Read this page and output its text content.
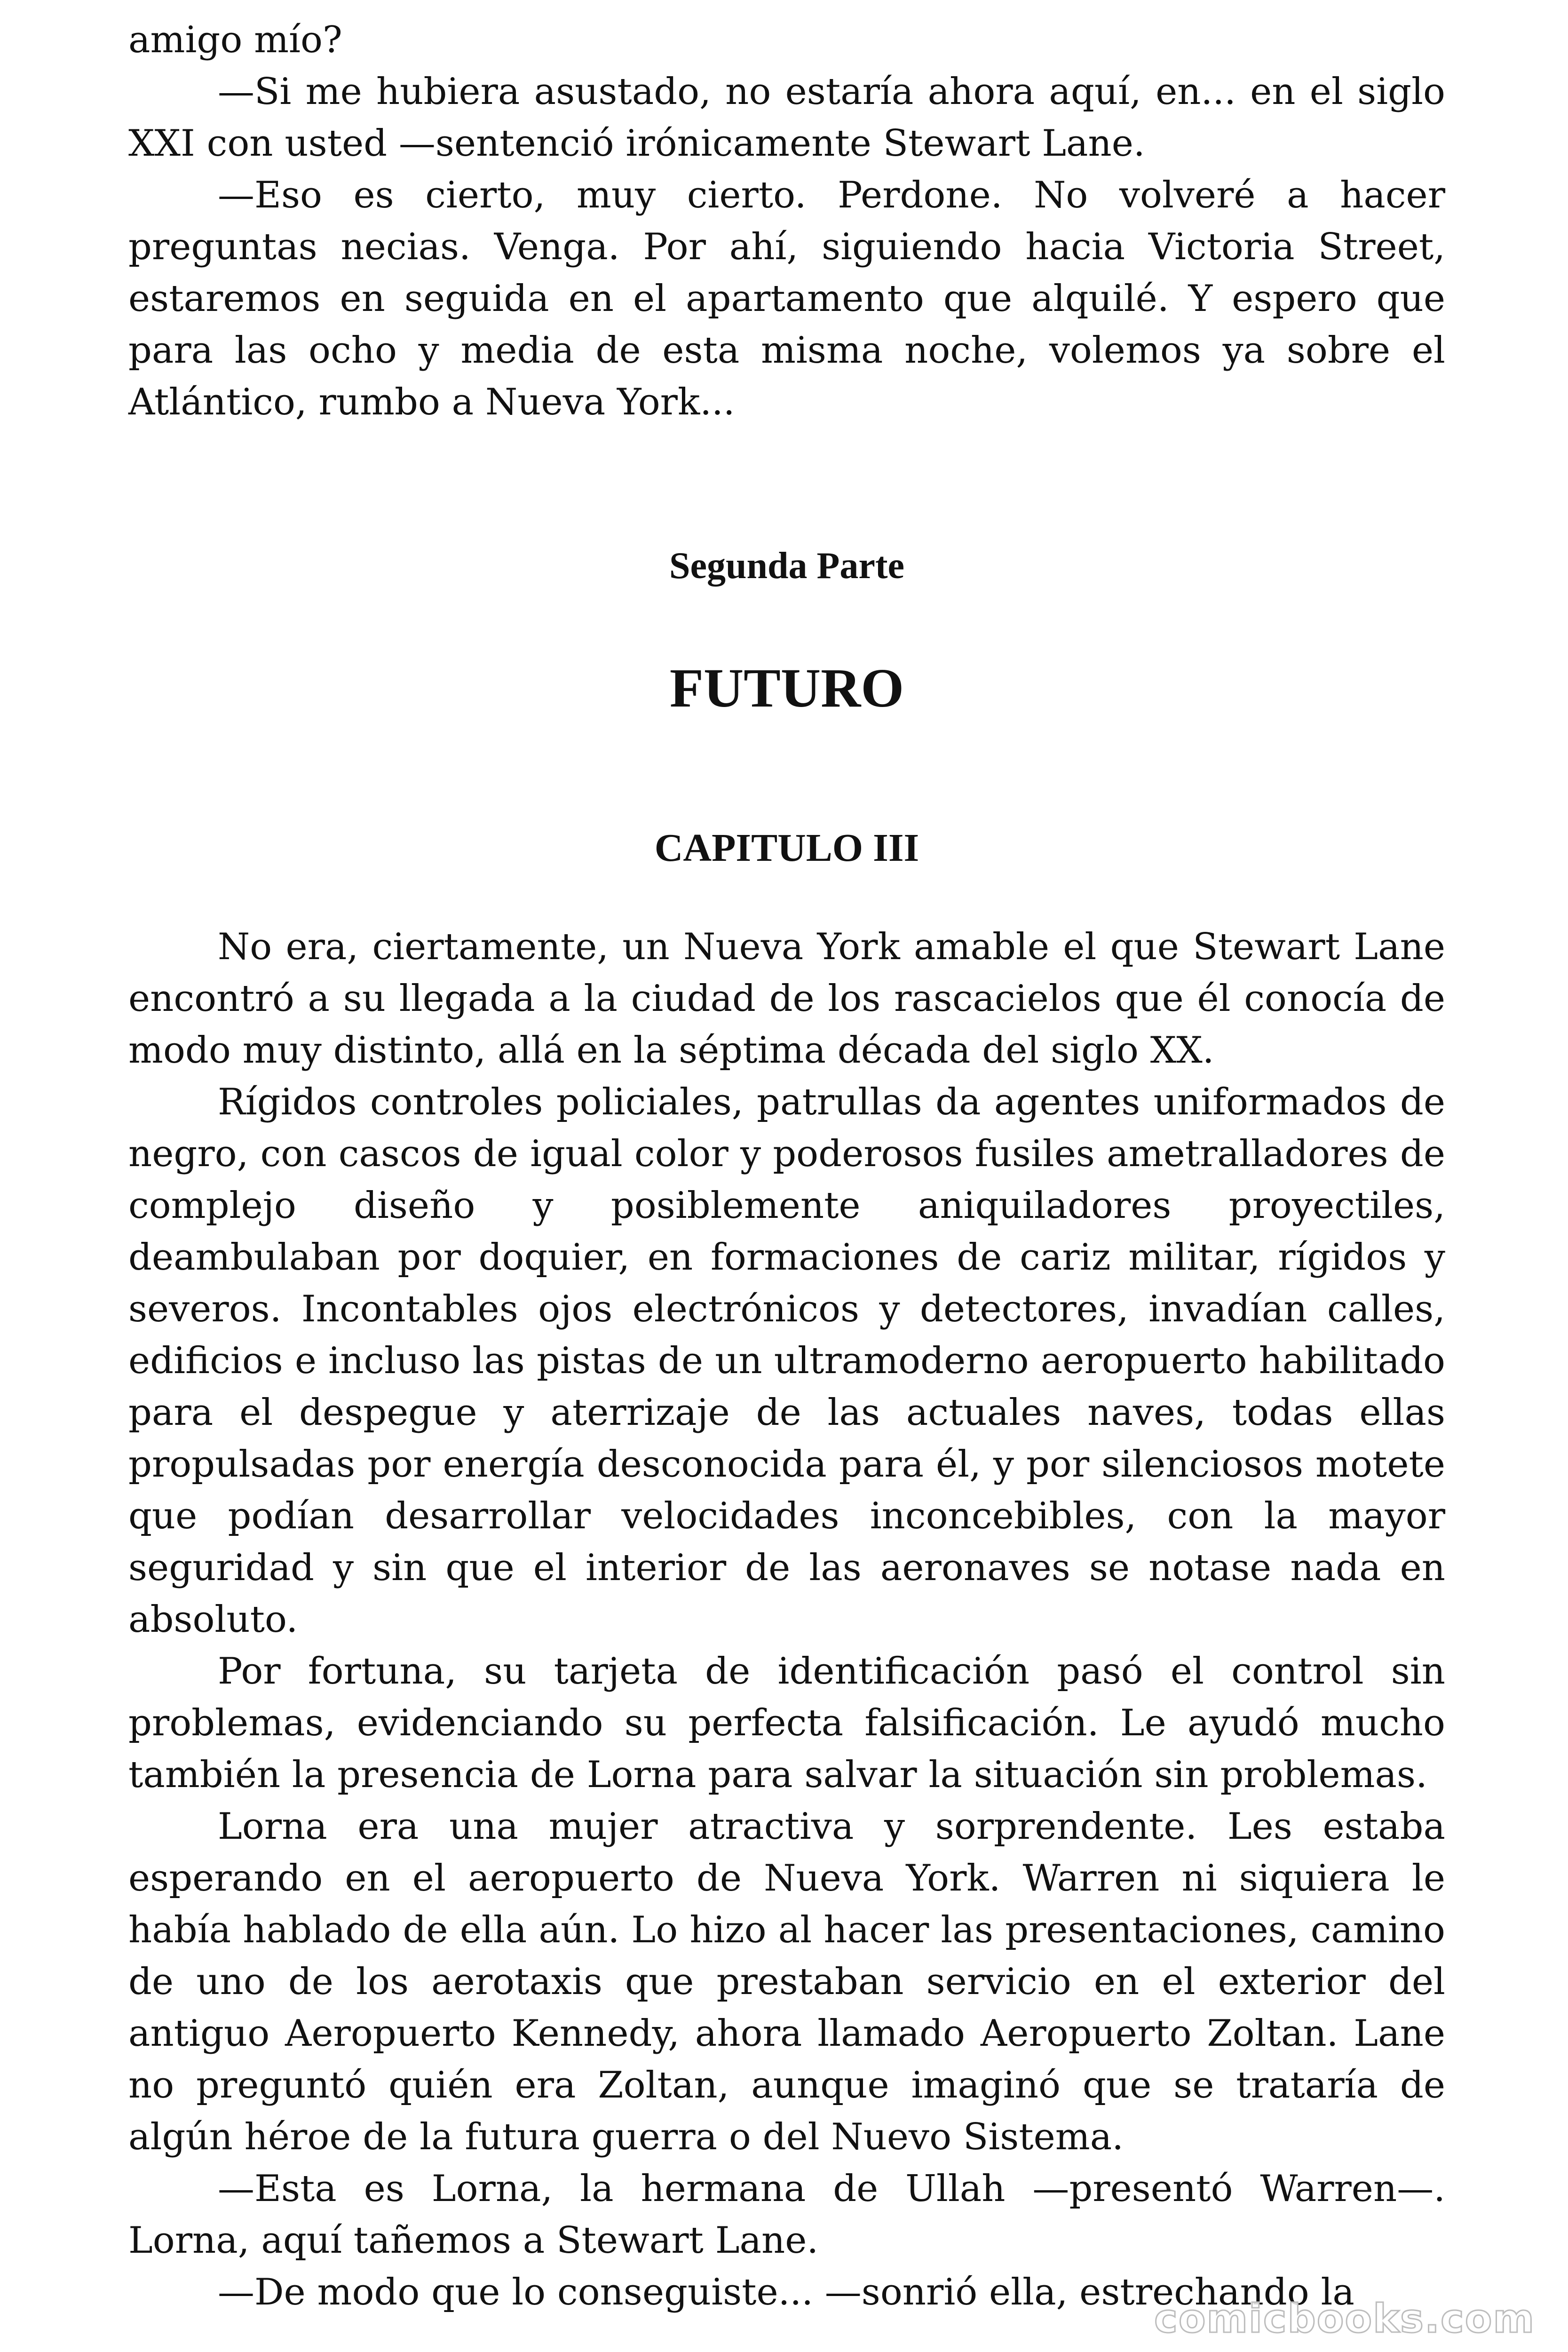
amigo mío?

—Si me hubiera asustado, no estaría ahora aquí, en... en el siglo XXI con usted —sentenció irónicamente Stewart Lane.

—Eso es cierto, muy cierto. Perdone. No volveré a hacer preguntas necias. Venga. Por ahí, siguiendo hacia Victoria Street, estaremos en seguida en el apartamento que alquilé. Y espero que para las ocho y media de esta misma noche, volemos ya sobre el Atlántico, rumbo a Nueva York...

Segunda Parte
FUTURO
CAPITULO III

No era, ciertamente, un Nueva York amable el que Stewart Lane encontró a su llegada a la ciudad de los rascacielos que él conocía de modo muy distinto, allá en la séptima década del siglo XX.

Rígidos controles policiales, patrullas da agentes uniformados de negro, con cascos de igual color y poderosos fusiles ametralladores de complejo diseño y posiblemente aniquiladores proyectiles, deambulaban por doquier, en formaciones de cariz militar, rígidos y severos. Incontables ojos electrónicos y detectores, invadían calles, edificios e incluso las pistas de un ultramoderno aeropuerto habilitado para el despegue y aterrizaje de las actuales naves, todas ellas propulsadas por energía desconocida para él, y por silenciosos motete que podían desarrollar velocidades inconcebibles, con la mayor seguridad y sin que el interior de las aeronaves se notase nada en absoluto.

Por fortuna, su tarjeta de identificación pasó el control sin problemas, evidenciando su perfecta falsificación. Le ayudó mucho también la presencia de Lorna para salvar la situación sin problemas.

Lorna era una mujer atractiva y sorprendente. Les estaba esperando en el aeropuerto de Nueva York. Warren ni siquiera le había hablado de ella aún. Lo hizo al hacer las presentaciones, camino de uno de los aerotaxis que prestaban servicio en el exterior del antiguo Aeropuerto Kennedy, ahora llamado Aeropuerto Zoltan. Lane no preguntó quién era Zoltan, aunque imaginó que se trataría de algún héroe de la futura guerra o del Nuevo Sistema.

—Esta es Lorna, la hermana de Ullah —presentó Warren—. Lorna, aquí tañemos a Stewart Lane.

—De modo que lo conseguiste... —sonrió ella, estrechando la

comicbooks.com
